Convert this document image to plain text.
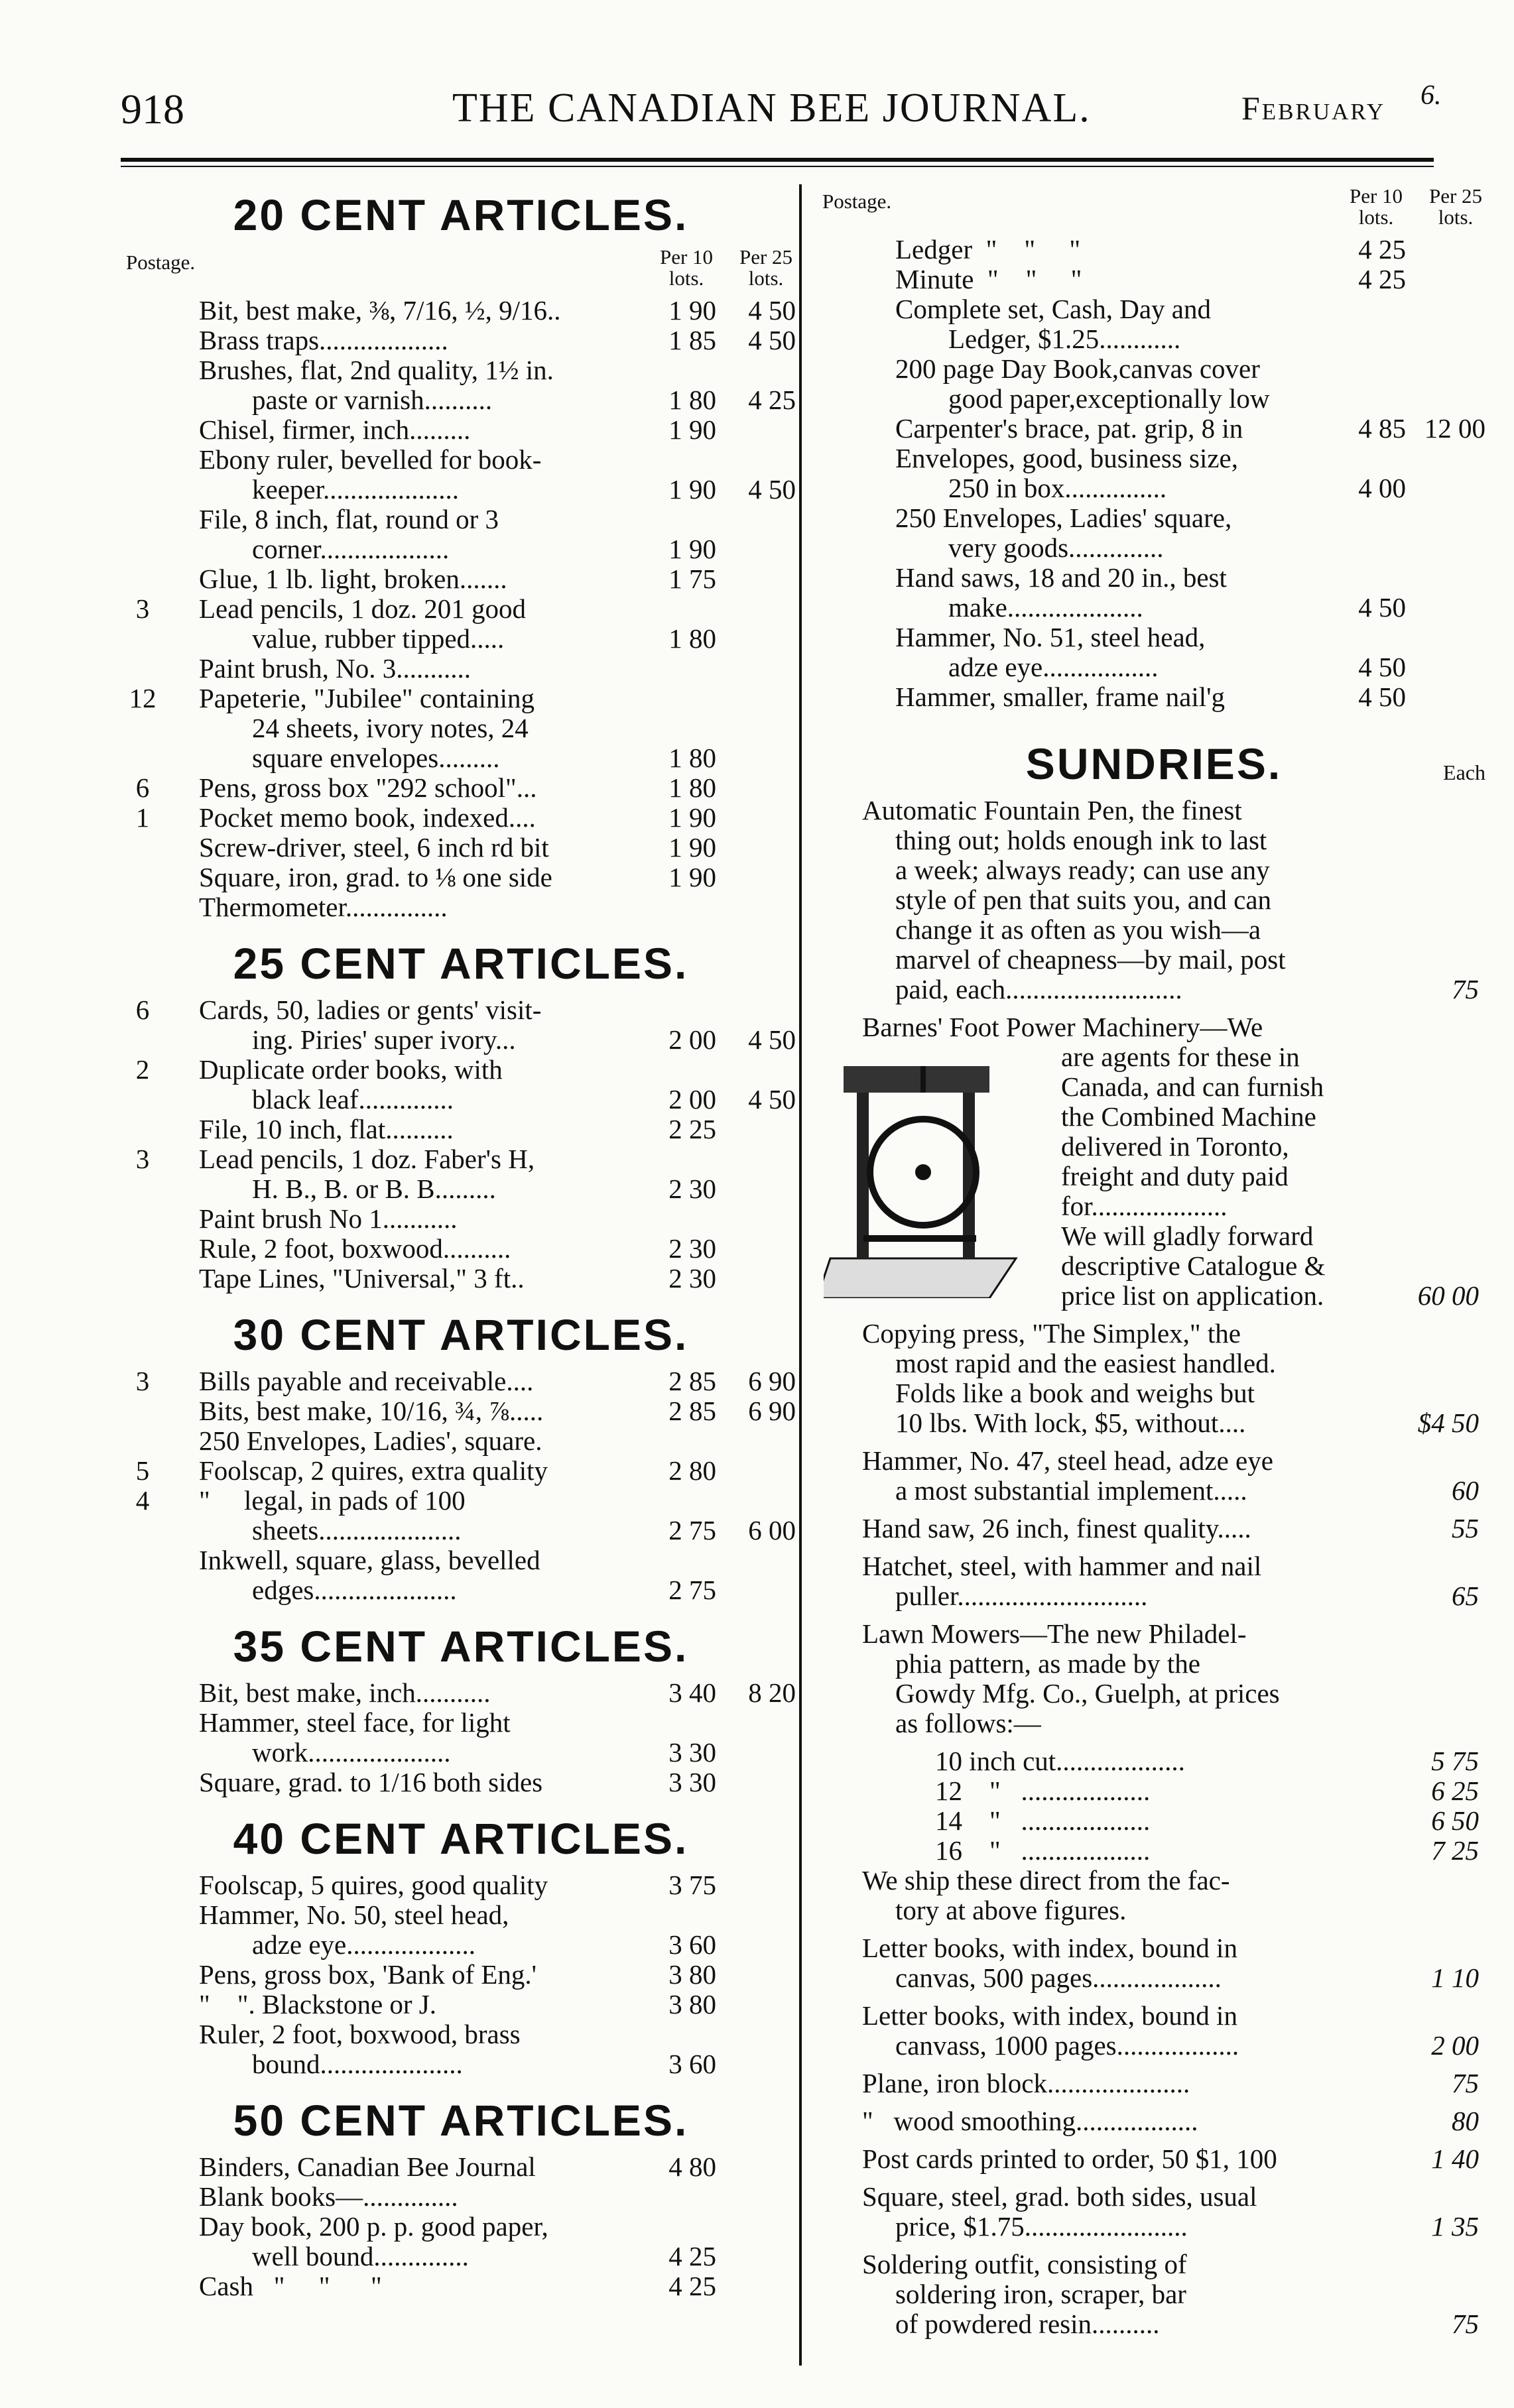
918	THE CANADIAN BEE JOURNAL.	February 6.
20 CENT ARTICLES.
Postage.	Per 10 lots.
Per 25 lots.
Bit, best make, ⅜, 7/16, ½, 9/16..	1 90	4 50
Brass traps...................	1 85	4 50
Brushes, flat, 2nd quality, 1½ in.
paste or varnish..........	1 80	4 25
Chisel, firmer, inch.........	1 90
Ebony ruler, bevelled for book-
keeper....................	1 90	4 50
File, 8 inch, flat, round or 3
corner...................	1 90
Glue, 1 lb. light, broken.......	1 75
3	Lead pencils, 1 doz. 201 good
value, rubber tipped.....	1 80
Paint brush, No. 3...........
12 Papeterie, "Jubilee" containing
24 sheets, ivory notes, 24
square envelopes.........	1 80
6	Pens, gross box "292 school"...	1 80
1	Pocket memo book, indexed....	1 90
Screw-driver, steel, 6 inch rd bit	1 90
Square, iron, grad. to ⅛ one side	1 90
Thermometer...............
25 CENT ARTICLES.
6	Cards, 50, ladies or gents' visit-
ing. Piries' super ivory...	2 00	4 50
2	Duplicate order books, with
black leaf..............	2 00	4 50
File, 10 inch, flat..........	2 25
3	Lead pencils, 1 doz. Faber's H,
H. B., B. or B. B.........	2 30
Paint brush No 1...........
Rule, 2 foot, boxwood..........	2 30
Tape Lines, "Universal," 3 ft..	2 30
30 CENT ARTICLES.
3	Bills payable and receivable....	2 85	6 90
Bits, best make, 10/16, ¾, ⅞.....	2 85	6 90
250 Envelopes, Ladies', square.
5	Foolscap, 2 quires, extra quality	2 80
4	"     legal, in pads of 100
sheets.....................	2 75	6 00
Inkwell, square, glass, bevelled
edges.....................	2 75
35 CENT ARTICLES.
Bit, best make, inch...........	3 40	8 20
Hammer, steel face, for light
work.....................	3 30
Square, grad. to 1/16 both sides	3 30
40 CENT ARTICLES.
Foolscap, 5 quires, good quality	3 75
Hammer, No. 50, steel head,
adze eye...................	3 60
Pens, gross box, 'Bank of Eng.'	3 80
"    ". Blackstone or J.	3 80
Ruler, 2 foot, boxwood, brass
bound.....................	3 60
50 CENT ARTICLES.
Binders, Canadian Bee Journal	4 80
Blank books—..............
Day book, 200 p. p. good paper,
well bound..............	4 25
Cash   "     "      "	4 25
Postage.	Per 10 lots.
Per 25 lots.
Ledger  "    "     "	4 25
Minute  "    "     "	4 25
Complete set, Cash, Day and
Ledger, $1.25............
200 page Day Book,canvas cover
good paper,exceptionally low
Carpenter's brace, pat. grip, 8 in	4 85 12 00
Envelopes, good, business size,
250 in box...............	4 00
250 Envelopes, Ladies' square,
very goods..............
Hand saws, 18 and 20 in., best
make....................	4 50
Hammer, No. 51, steel head,
adze eye.................	4 50
Hammer, smaller, frame nail'g	4 50
SUNDRIES.	Each
Automatic Fountain Pen, the finest
thing out; holds enough ink to last
a week; always ready; can use any
style of pen that suits you, and can
change it as often as you wish—a
marvel of cheapness—by mail, post
paid, each..........................	75
Barnes' Foot Power Machinery—We
are agents for these in
Canada, and can furnish
the Combined Machine
delivered in Toronto,
freight and duty paid
for....................
We will gladly forward
descriptive Catalogue &
price list on application.	60 00
Copying press, "The Simplex," the
most rapid and the easiest handled.
Folds like a book and weighs but
10 lbs. With lock, $5, without....	$4 50
Hammer, No. 47, steel head, adze eye
a most substantial implement.....	60
Hand saw, 26 inch, finest quality.....	55
Hatchet, steel, with hammer and nail
puller............................	65
Lawn Mowers—The new Philadel-
phia pattern, as made by the
Gowdy Mfg. Co., Guelph, at prices
as follows:—
10 inch cut...................	5 75
12    "   ...................	6 25
14    "   ...................	6 50
16    "   ...................	7 25
We ship these direct from the fac-
tory at above figures.
Letter books, with index, bound in
canvas, 500 pages...................	1 10
Letter books, with index, bound in
canvass, 1000 pages..................	2 00
Plane, iron block.....................	75
"   wood smoothing..................	80
Post cards printed to order, 50 $1, 100	1 40
Square, steel, grad. both sides, usual
price, $1.75........................	1 35
Soldering outfit, consisting of
soldering iron, scraper, bar
of powdered resin..........	75
